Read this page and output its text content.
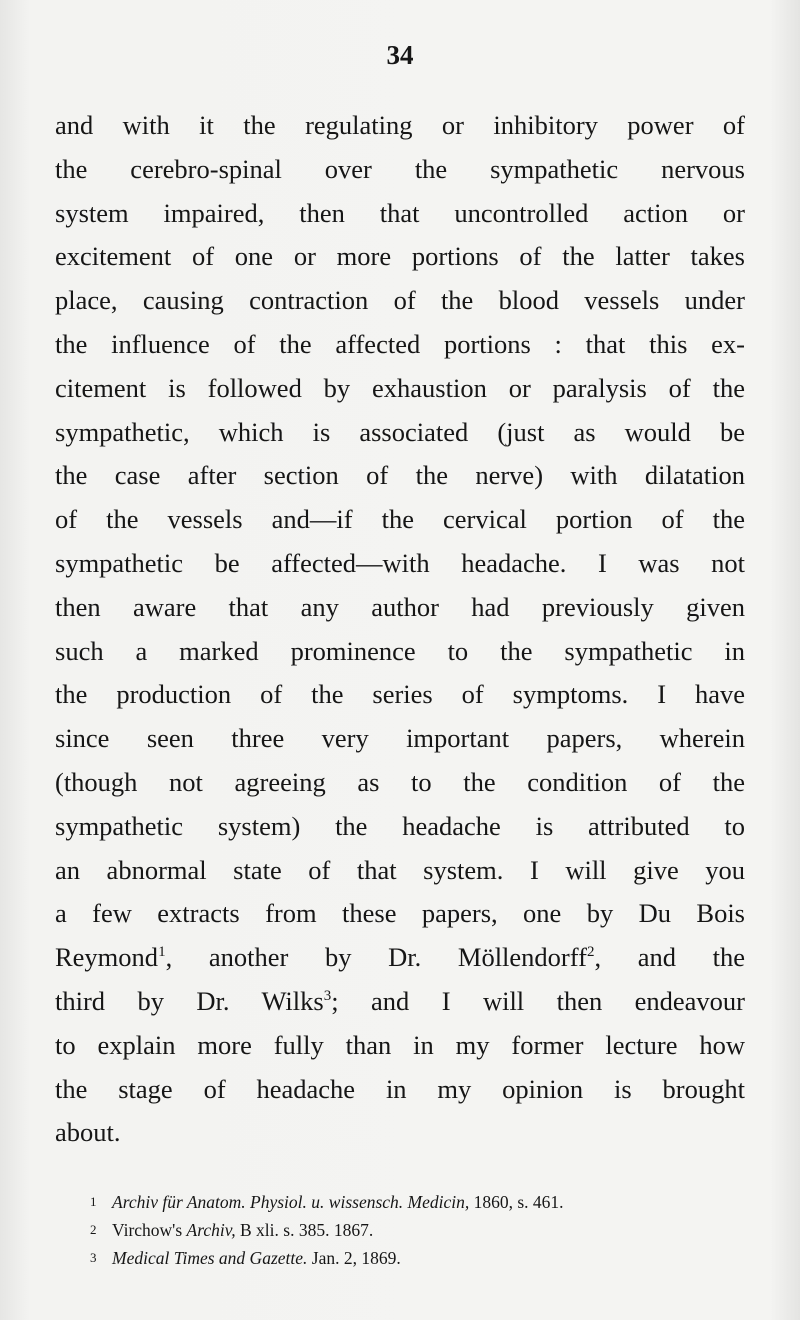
34
and with it the regulating or inhibitory power of
the cerebro-spinal over the sympathetic nervous
system impaired, then that uncontrolled action or
excitement of one or more portions of the latter takes
place, causing contraction of the blood vessels under
the influence of the affected portions : that this ex-
citement is followed by exhaustion or paralysis of the
sympathetic, which is associated (just as would be
the case after section of the nerve) with dilatation
of the vessels and—if the cervical portion of the
sympathetic be affected—with headache. I was not
then aware that any author had previously given
such a marked prominence to the sympathetic in
the production of the series of symptoms. I have
since seen three very important papers, wherein
(though not agreeing as to the condition of the
sympathetic system) the headache is attributed to
an abnormal state of that system. I will give you
a few extracts from these papers, one by Du Bois
Reymond$^1$, another by Dr. Möllendorff$^2$, and the
third by Dr. Wilks$^3$; and I will then endeavour
to explain more fully than in my former lecture how
the stage of headache in my opinion is brought
about.
1 Archiv für Anatom. Physiol. u. wissensch. Medicin, 1860, s. 461.
2 Virchow's Archiv, B xli. s. 385. 1867.
3 Medical Times and Gazette. Jan. 2, 1869.
